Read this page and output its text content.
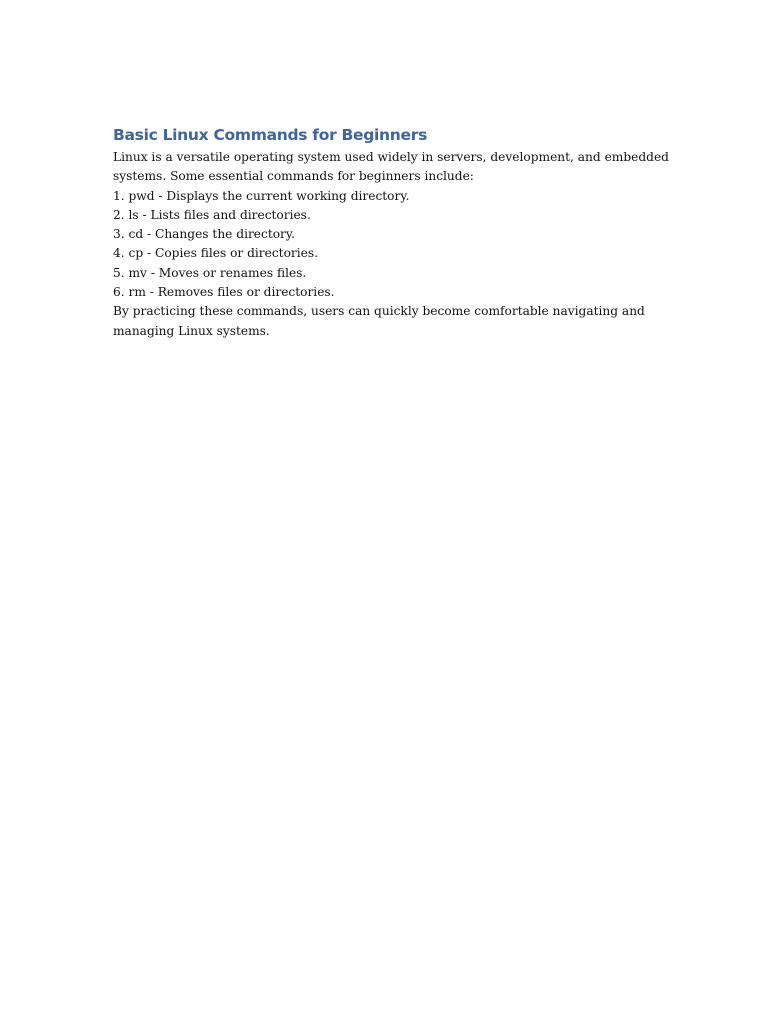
Basic Linux Commands for Beginners

Linux is a versatile operating system used widely in servers, development, and embedded

systems. Some essential commands for beginners include:

1. pwd - Displays the current working directory.

2. ls - Lists files and directories.

3. cd - Changes the directory.

4. cp - Copies files or directories.

5. mv - Moves or renames files.

6. rm - Removes files or directories.

By practicing these commands, users can quickly become comfortable navigating and

managing Linux systems.
